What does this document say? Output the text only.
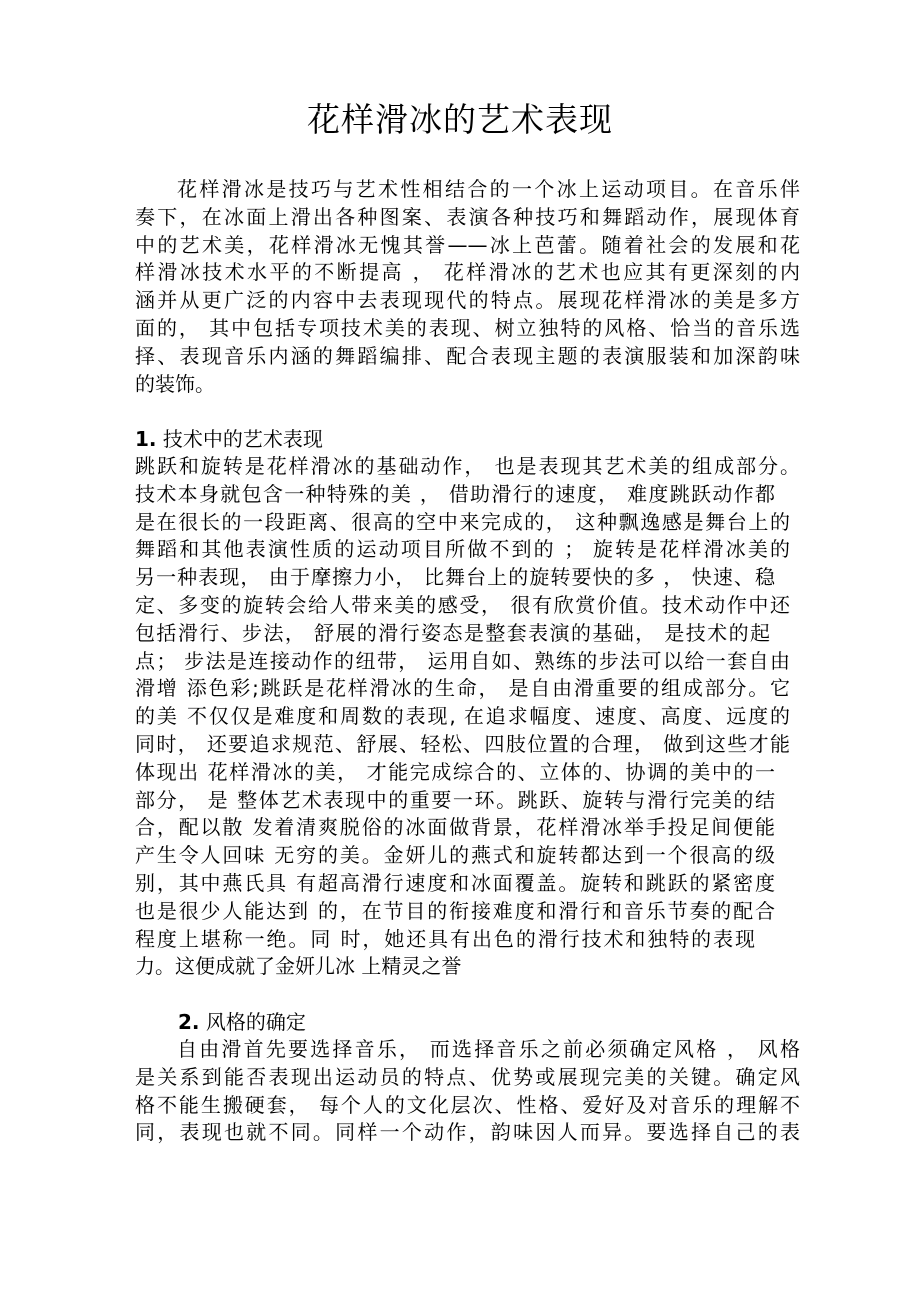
花样滑冰的艺术表现
花样滑冰是技巧与艺术性相结合的一个冰上运动项目。在音乐伴
奏下，在冰面上滑出各种图案、表演各种技巧和舞蹈动作，展现体育
中的艺术美，花样滑冰无愧其誉——冰上芭蕾。随着社会的发展和花
样滑冰技术水平的不断提高 ， 花样滑冰的艺术也应其有更深刻的内
涵并从更广泛的内容中去表现现代的特点。展现花样滑冰的美是多方
面的， 其中包括专项技术美的表现、树立独特的风格、恰当的音乐选
择、表现音乐内涵的舞蹈编排、配合表现主题的表演服装和加深韵味
的装饰。
1. 技术中的艺术表现
跳跃和旋转是花样滑冰的基础动作， 也是表现其艺术美的组成部分。
技术本身就包含一种特殊的美 ， 借助滑行的速度， 难度跳跃动作都
是在很长的一段距离、很高的空中来完成的， 这种飘逸感是舞台上的
舞蹈和其他表演性质的运动项目所做不到的 ； 旋转是花样滑冰美的
另一种表现， 由于摩擦力小， 比舞台上的旋转要快的多 ， 快速、稳
定、多变的旋转会给人带来美的感受， 很有欣赏价值。技术动作中还
包括滑行、步法， 舒展的滑行姿态是整套表演的基础， 是技术的起
点； 步法是连接动作的纽带， 运用自如、熟练的步法可以给一套自由
滑增 添色彩;跳跃是花样滑冰的生命， 是自由滑重要的组成部分。它
的美 不仅仅是难度和周数的表现, 在追求幅度、速度、高度、远度的
同时， 还要追求规范、舒展、轻松、四肢位置的合理， 做到这些才能
体现出 花样滑冰的美， 才能完成综合的、立体的、协调的美中的一
部分， 是 整体艺术表现中的重要一环。跳跃、旋转与滑行完美的结
合，配以散 发着清爽脱俗的冰面做背景，花样滑冰举手投足间便能
产生令人回味 无穷的美。金妍儿的燕式和旋转都达到一个很高的级
别，其中燕氏具 有超高滑行速度和冰面覆盖。旋转和跳跃的紧密度
也是很少人能达到 的，在节目的衔接难度和滑行和音乐节奏的配合
程度上堪称一绝。同 时，她还具有出色的滑行技术和独特的表现
力。这便成就了金妍儿冰 上精灵之誉
2. 风格的确定
自由滑首先要选择音乐， 而选择音乐之前必须确定风格 ， 风格
是关系到能否表现出运动员的特点、优势或展现完美的关键。确定风
格不能生搬硬套， 每个人的文化层次、性格、爱好及对音乐的理解不
同，表现也就不同。同样一个动作，韵味因人而异。要选择自己的表
